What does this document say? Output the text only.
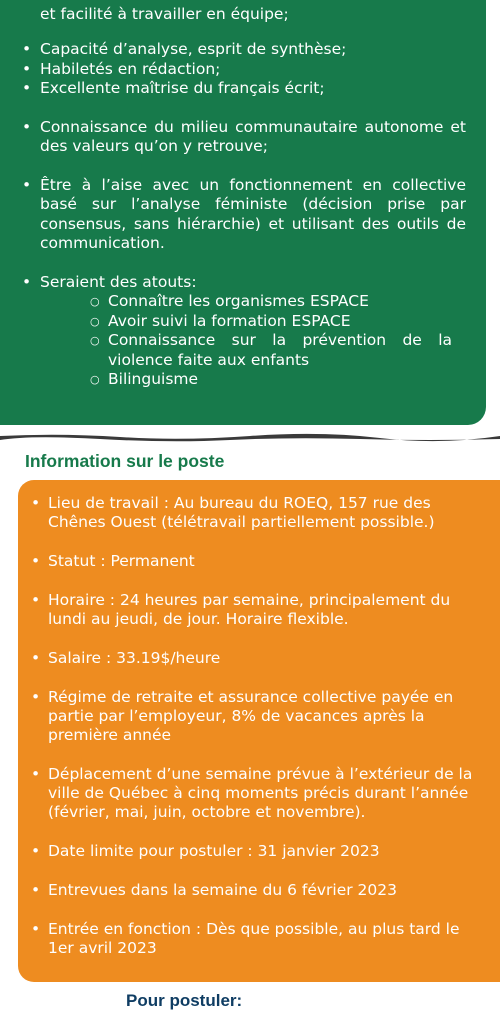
et facilité à travailler en équipe;

• Capacité d’analyse, esprit de synthèse;
• Habiletés en rédaction;
• Excellente maîtrise du français écrit;
• Connaissance du milieu communautaire autonome et des valeurs qu’on y retrouve;
• Être à l’aise avec un fonctionnement en collective basé sur l’analyse féministe (décision prise par consensus, sans hiérarchie) et utilisant des outils de communication.
• Seraient des atouts:
○ Connaître les organismes ESPACE
○ Avoir suivi la formation ESPACE
○ Connaissance sur la prévention de la violence faite aux enfants
○ Bilinguisme
Information sur le poste
• Lieu de travail : Au bureau du ROEQ, 157 rue des Chênes Ouest (télétravail partiellement possible.)
• Statut : Permanent
• Horaire : 24 heures par semaine, principalement du lundi au jeudi, de jour. Horaire flexible.
• Salaire : 33.19$/heure
• Régime de retraite et assurance collective payée en partie par l’employeur, 8% de vacances après la première année
• Déplacement d’une semaine prévue à l’extérieur de la ville de Québec à cinq moments précis durant l’année (février, mai, juin, octobre et novembre).
• Date limite pour postuler : 31 janvier 2023
• Entrevues dans la semaine du 6 février 2023
• Entrée en fonction : Dès que possible, au plus tard le 1er avril 2023
Pour postuler:
